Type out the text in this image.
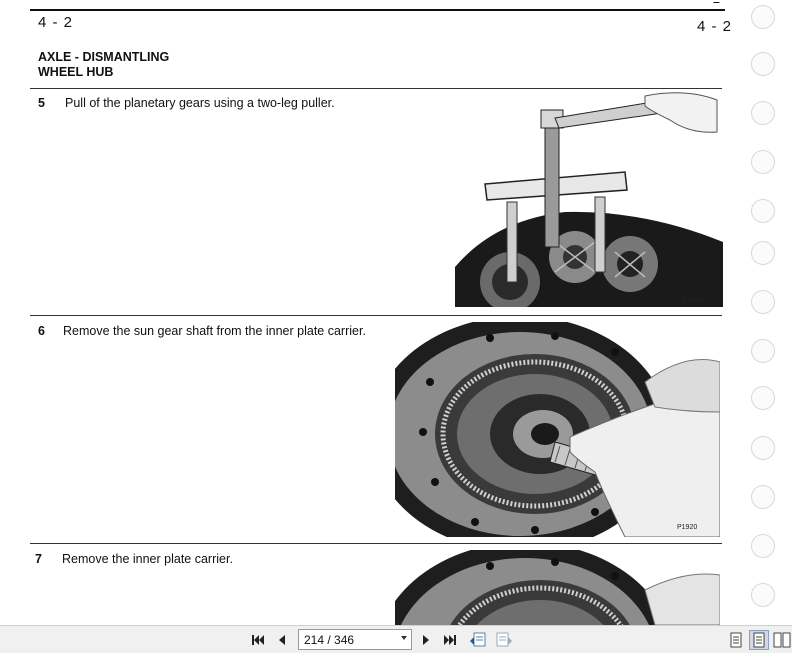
4 - 2	4 - 2
AXLE - DISMANTLING
WHEEL HUB
5 Pull of the planetary gears using a two-leg puller.
P1919
6 Remove the sun gear shaft from the inner plate carrier.
P1920
7 Remove the inner plate carrier.
214 / 346
